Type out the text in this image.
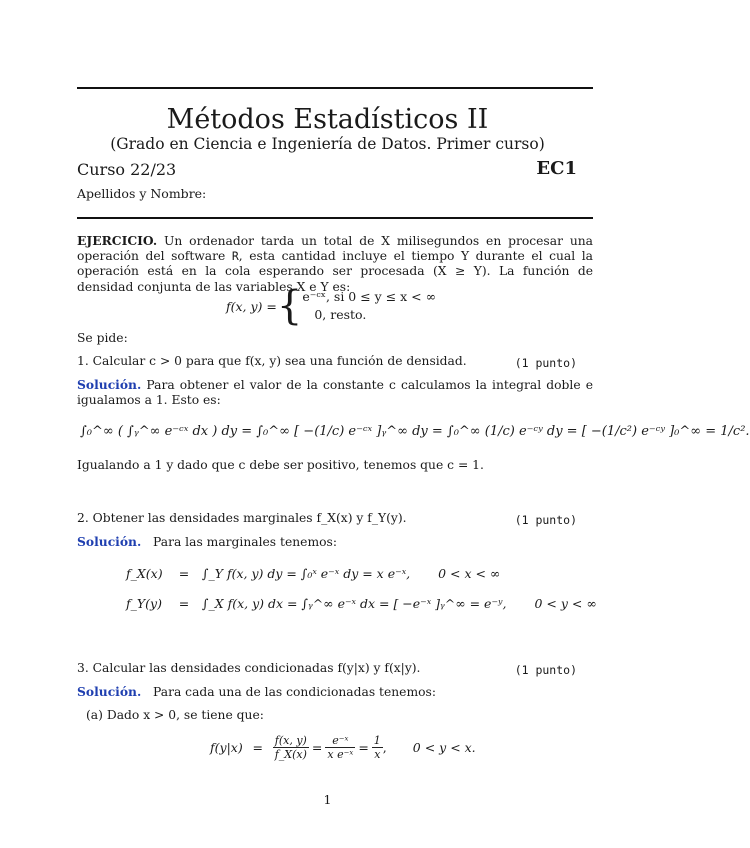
Métodos Estadísticos II
(Grado en Ciencia e Ingeniería de Datos. Primer curso)
Curso 22/23	EC1
Apellidos y Nombre:
EJERCICIO. Un ordenador tarda un total de X milisegundos en procesar una operación del software R, esta cantidad incluye el tiempo Y durante el cual la operación está en la cola esperando ser procesada (X ≥ Y). La función de densidad conjunta de las variables X e Y es:
f(x, y) = { e⁻ᶜˣ, si 0 ≤ y ≤ x < ∞
0, resto.
Se pide:
1. Calcular c > 0 para que f(x, y) sea una función de densidad.	(1 punto)
Solución. Para obtener el valor de la constante c calculamos la integral doble e igualamos a 1. Esto es:
∫₀^∞ ( ∫ᵧ^∞ e⁻ᶜˣ dx ) dy = ∫₀^∞ [ −(1/c) e⁻ᶜˣ ]ᵧ^∞ dy = ∫₀^∞ (1/c) e⁻ᶜʸ dy = [ −(1/c²) e⁻ᶜʸ ]₀^∞ = 1/c².
Igualando a 1 y dado que c debe ser positivo, tenemos que c = 1.
2. Obtener las densidades marginales f_X(x) y f_Y(y).	(1 punto)
Solución. Para las marginales tenemos:
f_X(x) = ∫_Y f(x, y) dy = ∫₀ˣ e⁻ˣ dy = x e⁻ˣ, 0 < x < ∞
f_Y(y) = ∫_X f(x, y) dx = ∫ᵧ^∞ e⁻ˣ dx = [ −e⁻ˣ ]ᵧ^∞ = e⁻ʸ, 0 < y < ∞
3. Calcular las densidades condicionadas f(y|x) y f(x|y).	(1 punto)
Solución. Para cada una de las condicionadas tenemos:
(a) Dado x > 0, se tiene que:
$f(y|x) = \frac{f(x, y)}{f\_X(x)} = \frac{\text{e⁻ˣ}}{\text{x e⁻ˣ}} = \frac{1}{x}$ , 0 < y < x.
1
